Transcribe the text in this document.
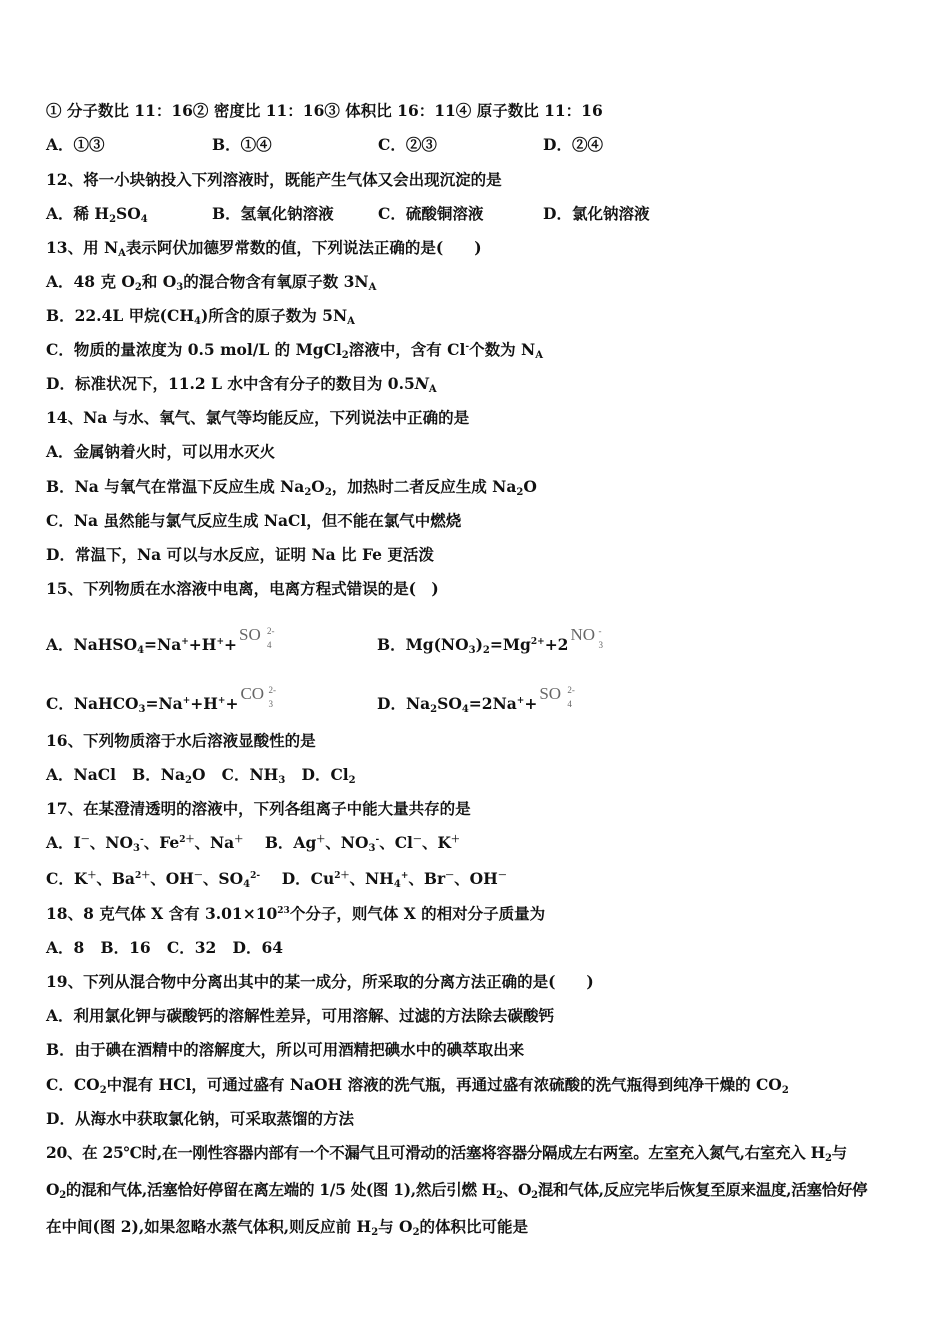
① 分子数比 11：16② 密度比 11：16③ 体积比 16：11④ 原子数比 11：16
A．①③	B．①④	C．②③	D．②④
12、将一小块钠投入下列溶液时，既能产生气体又会出现沉淀的是
A．稀 $H_2SO_4$	B．氢氧化钠溶液	C．硫酸铜溶液	D．氯化钠溶液
13、用 $N_A$表示阿伏加德罗常数的值，下列说法正确的是(　　)
A．48 克 $O_2$和 $O_3$的混合物含有氧原子数 $3N_A$
B．22.4L 甲烷$(CH_4)$所含的原子数为 $5N_A$
C．物质的量浓度为 0.5 mol/L 的 MgCl$_2$溶液中，含有 Cl-个数为 $N_A$
D．标准状况下，11.2 L 水中含有分子的数目为 $0.5N_A$
14、Na 与水、氧气、氯气等均能反应，下列说法中正确的是
A．金属钠着火时，可以用水灭火
B．Na 与氧气在常温下反应生成 $Na_2O_2$，加热时二者反应生成 $Na_2O$
C．Na 虽然能与氯气反应生成 NaCl，但不能在氯气中燃烧
D．常温下，Na 可以与水反应，证明 Na 比 Fe 更活泼
15、下列物质在水溶液中电离，电离方程式错误的是(　)
A．NaHSO$_4$=Na++H++SO 2-
4	B．$Mg(NO_3)_2=Mg^{2+}+2NO$ -
3
C．NaHCO$_3$=Na++H++CO 2-
3	D．$Na_2SO_4=2Na^++SO$ 2-
4
16、下列物质溶于水后溶液显酸性的是
A．NaCl B．$Na_2O$ C．$NH_3$ D．$Cl_2$
17、在某澄清透明的溶液中，下列各组离子中能大量共存的是
A．I－、$NO_3^-$、$Fe^{2+}$、Na＋ B．Ag＋、$NO_3^-$、Cl－、K＋
C．K＋、$Ba^{2+}$、OH－、$SO_4^{2-}$ D．$Cu^{2+}$、$NH_4^+$、Br－、OH－
18、8 克气体 X 含有 $3.01\times 10^{23}$个分子，则气体 X 的相对分子质量为
A．8 B．16 C．32 D．64
19、下列从混合物中分离出其中的某一成分，所采取的分离方法正确的是(　　)
A．利用氯化钾与碳酸钙的溶解性差异，可用溶解、过滤的方法除去碳酸钙
B．由于碘在酒精中的溶解度大，所以可用酒精把碘水中的碘萃取出来
C．$CO_2$中混有 HCl，可通过盛有 NaOH 溶液的洗气瓶，再通过盛有浓硫酸的洗气瓶得到纯净干燥的 $CO_2$
D．从海水中获取氯化钠，可采取蒸馏的方法
20、在 25℃时,在一刚性容器内部有一个不漏气且可滑动的活塞将容器分隔成左右两室。左室充入氮气,右室充入 $H_2$与
$O_2$的混和气体,活塞恰好停留在离左端的 1/5 处(图 1),然后引燃 $H_2$、$O_2$混和气体,反应完毕后恢复至原来温度,活塞恰好停
在中间(图 2),如果忽略水蒸气体积,则反应前 $H_2$与 $O_2$的体积比可能是
